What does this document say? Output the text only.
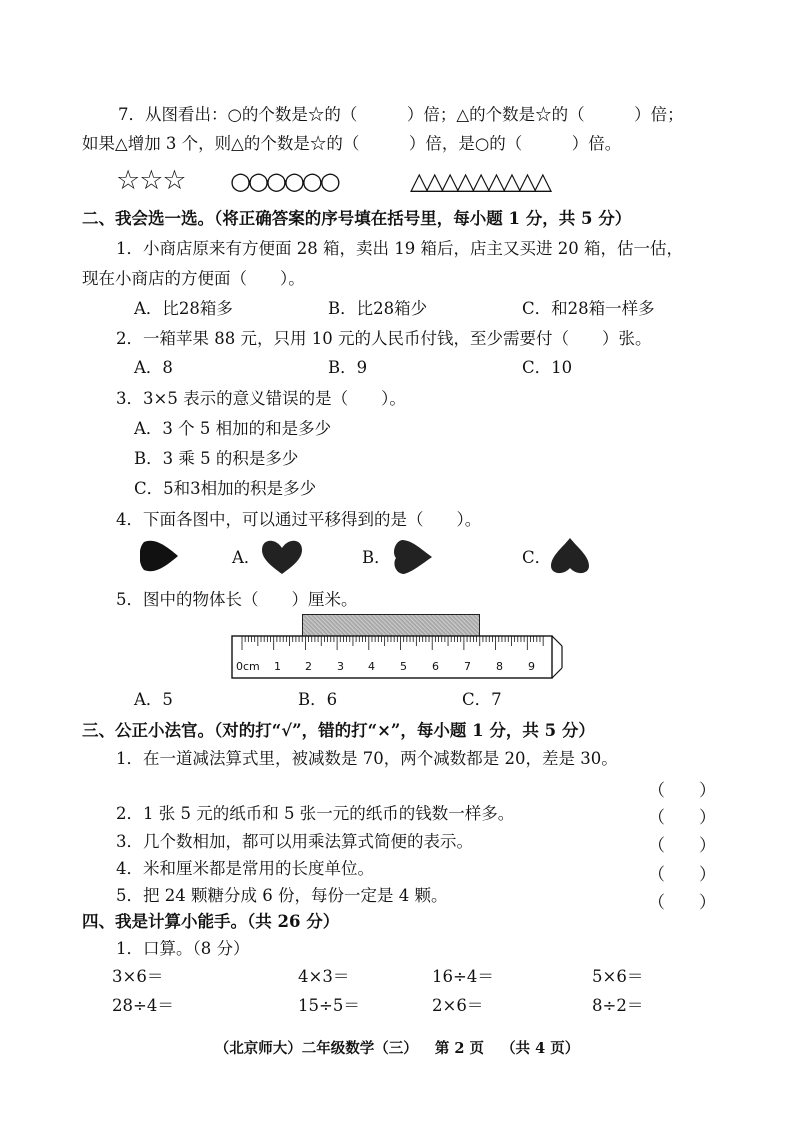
7．从图看出：○的个数是☆的（　　　）倍；△的个数是☆的（　　　）倍；
如果△增加 3 个，则△的个数是☆的（　　　）倍，是○的（　　　）倍。
☆☆☆ ○○○○○○	△△△△△△△△△
二、我会选一选。（将正确答案的序号填在括号里，每小题 1 分，共 5 分）
1．小商店原来有方便面 28 箱，卖出 19 箱后，店主又买进 20 箱，估一估，
现在小商店的方便面（　　）。
A．比28箱多	B．比28箱少	C．和28箱一样多
2．一箱苹果 88 元，只用 10 元的人民币付钱，至少需要付（　　）张。
A．8	B．9	C．10
3．3×5 表示的意义错误的是（　　）。
A．3 个 5 相加的和是多少
B．3 乘 5 的积是多少
C．5和3相加的积是多少
4．下面各图中，可以通过平移得到的是（　　）。
A．	B．	C．
5．图中的物体长（　　）厘米。
0cm 1 2 3 4 5 6 7 8 9
A．5	B．6	C．7
三、公正小法官。（对的打“√”，错的打“×”，每小题 1 分，共 5 分）
1．在一道减法算式里，被减数是 70，两个减数都是 20，差是 30。
（　　）
2．1 张 5 元的纸币和 5 张一元的纸币的钱数一样多。	（　　）
3．几个数相加，都可以用乘法算式简便的表示。	（　　）
4．米和厘米都是常用的长度单位。	（　　）
5．把 24 颗糖分成 6 份，每份一定是 4 颗。	（　　）
四、我是计算小能手。（共 26 分）
1．口算。（8 分）
3×6＝	4×3＝	16÷4＝	5×6＝
28÷4＝	15÷5＝	2×6＝	8÷2＝
（北京师大）二年级数学（三） 第 2 页 （共 4 页）
